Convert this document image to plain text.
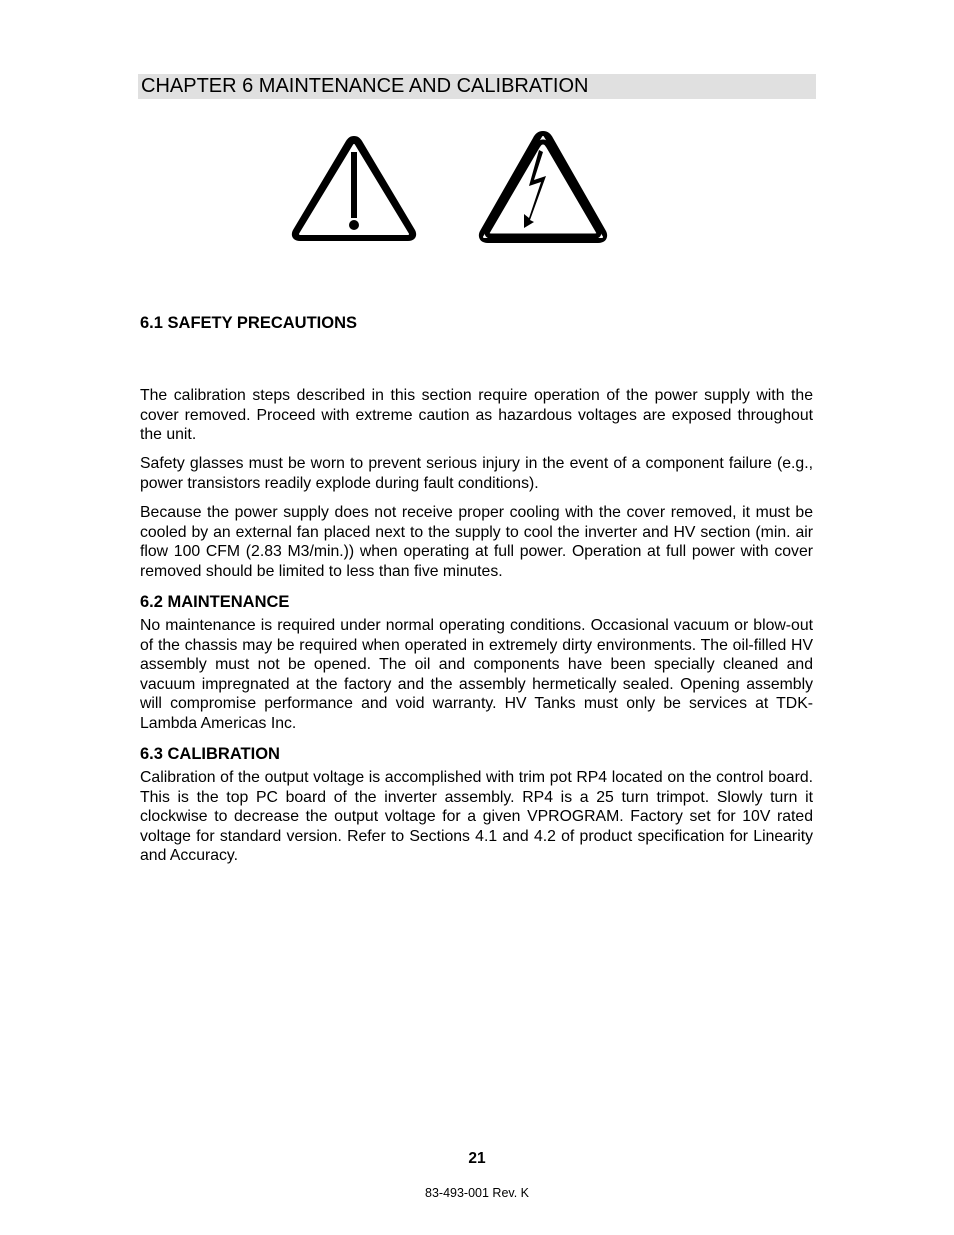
CHAPTER 6 MAINTENANCE AND CALIBRATION
6.1 SAFETY PRECAUTIONS
The calibration steps described in this section require operation of the power supply with the cover removed. Proceed with extreme caution as hazardous voltages are exposed throughout the unit.
Safety glasses must be worn to prevent serious injury in the event of a component failure (e.g., power transistors readily explode during fault conditions).
Because the power supply does not receive proper cooling with the cover removed, it must be cooled by an external fan placed next to the supply to cool the inverter and HV section (min. air flow 100 CFM (2.83 M3/min.)) when operating at full power. Operation at full power with cover removed should be limited to less than five minutes.
6.2 MAINTENANCE
No maintenance is required under normal operating conditions. Occasional vacuum or blow-out of the chassis may be required when operated in extremely dirty environments. The oil-filled HV assembly must not be opened. The oil and components have been specially cleaned and vacuum impregnated at the factory and the assembly hermetically sealed. Opening assembly will compromise performance and void warranty. HV Tanks must only be services at TDK-Lambda Americas Inc.
6.3 CALIBRATION
Calibration of the output voltage is accomplished with trim pot RP4 located on the control board. This is the top PC board of the inverter assembly. RP4 is a 25 turn trimpot. Slowly turn it clockwise to decrease the output voltage for a given VPROGRAM. Factory set for 10V rated voltage for standard version. Refer to Sections 4.1 and 4.2 of product specification for Linearity and Accuracy.
21
83-493-001 Rev. K
